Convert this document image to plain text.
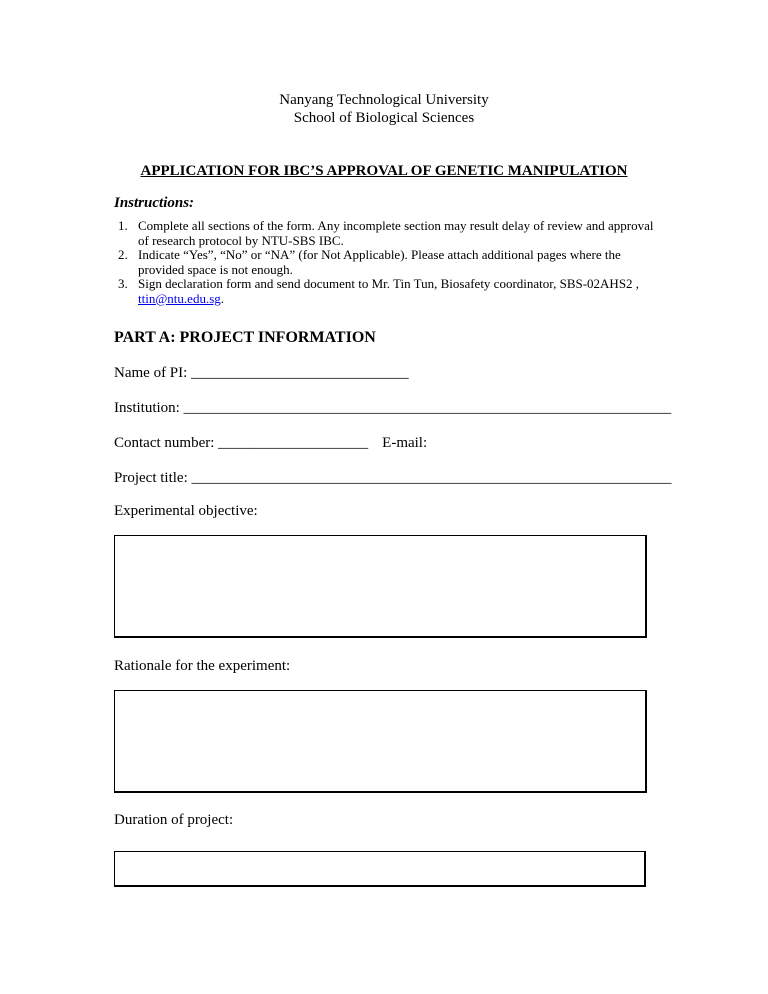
Nanyang Technological University
School of Biological Sciences
APPLICATION FOR IBC’S APPROVAL OF GENETIC MANIPULATION
Instructions:
1. Complete all sections of the form. Any incomplete section may result delay of review and approval of research protocol by NTU-SBS IBC.
2. Indicate “Yes”, “No” or “NA” (for Not Applicable). Please attach additional pages where the provided space is not enough.
3. Sign declaration form and send document to Mr. Tin Tun, Biosafety coordinator, SBS-02AHS2 , ttin@ntu.edu.sg.
PART A: PROJECT INFORMATION
Name of PI: _____________________________
Institution: _________________________________________________________________
Contact number: ____________________ E-mail:
Project title: ________________________________________________________________
Experimental objective:
Rationale for the experiment:
Duration of project:
